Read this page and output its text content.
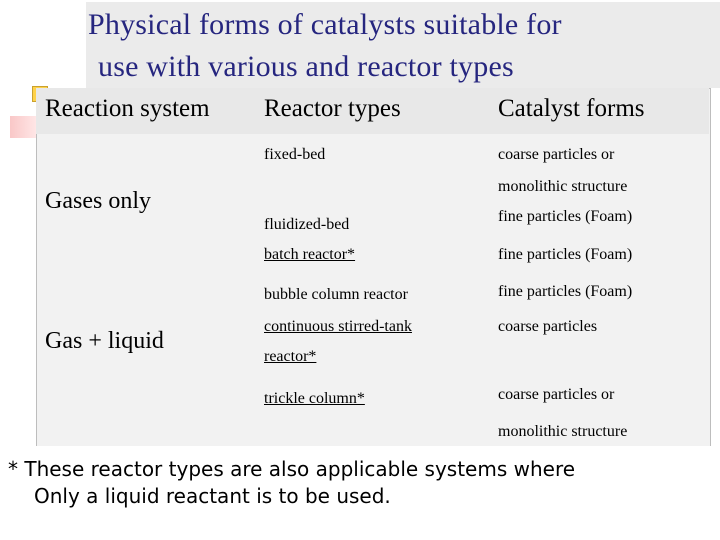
Physical forms of catalysts suitable for
use with various and reactor types
Reaction system Reactor types	Catalyst forms
Gases only
fixed-bed
fluidized-bed
coarse particles or
monolithic structure
fine particles (Foam)
Gas + liquid
batch reactor*
bubble column reactor
continuous stirred-tank
reactor*
trickle column*
fine particles (Foam)
fine particles (Foam)
coarse particles
coarse particles or
monolithic structure

* These reactor types are also applicable systems where
Only a liquid reactant is to be used.
